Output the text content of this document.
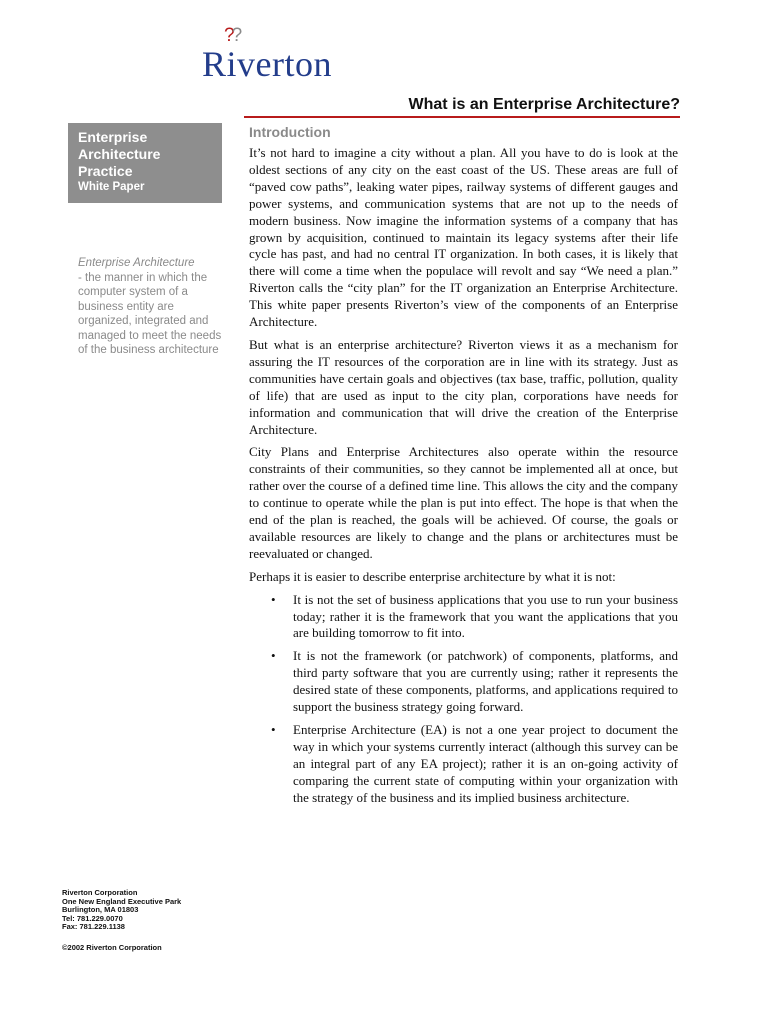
??
Riverton
What is an Enterprise Architecture?
Enterprise
Architecture
Practice
White Paper
Enterprise Architecture
- the manner in which the computer system of a business entity are organized, integrated and managed to meet the needs of the business architecture
Introduction

It’s not hard to imagine a city without a plan. All you have to do is look at the oldest sections of any city on the east coast of the US. These areas are full of “paved cow paths”, leaking water pipes, railway systems of different gauges and power systems, and communication systems that are not up to the needs of modern business. Now imagine the information systems of a company that has grown by acquisition, continued to maintain its legacy systems after their life cycle has past, and had no central IT organization. In both cases, it is likely that there will come a time when the populace will revolt and say “We need a plan.” Riverton calls the “city plan” for the IT organization an Enterprise Architecture. This white paper presents Riverton’s view of the components of an Enterprise Architecture.

But what is an enterprise architecture? Riverton views it as a mechanism for assuring the IT resources of the corporation are in line with its strategy. Just as communities have certain goals and objectives (tax base, traffic, pollution, quality of life) that are used as input to the city plan, corporations have needs for information and communication that will drive the creation of the Enterprise Architecture.

City Plans and Enterprise Architectures also operate within the resource constraints of their communities, so they cannot be implemented all at once, but rather over the course of a defined time line. This allows the city and the company to continue to operate while the plan is put into effect. The hope is that when the end of the plan is reached, the goals will be achieved. Of course, the goals or available resources are likely to change and the plans or architectures must be reevaluated or changed.

Perhaps it is easier to describe enterprise architecture by what it is not:

• It is not the set of business applications that you use to run your business today; rather it is the framework that you want the applications that you are building tomorrow to fit into.
• It is not the framework (or patchwork) of components, platforms, and third party software that you are currently using; rather it represents the desired state of these components, platforms, and applications required to support the business strategy going forward.
• Enterprise Architecture (EA) is not a one year project to document the way in which your systems currently interact (although this survey can be an integral part of any EA project); rather it is an on-going activity of comparing the current state of computing within your organization with the strategy of the business and its implied business architecture.
Riverton Corporation
One New England Executive Park
Burlington, MA 01803
Tel: 781.229.0070
Fax: 781.229.1138
©2002 Riverton Corporation
